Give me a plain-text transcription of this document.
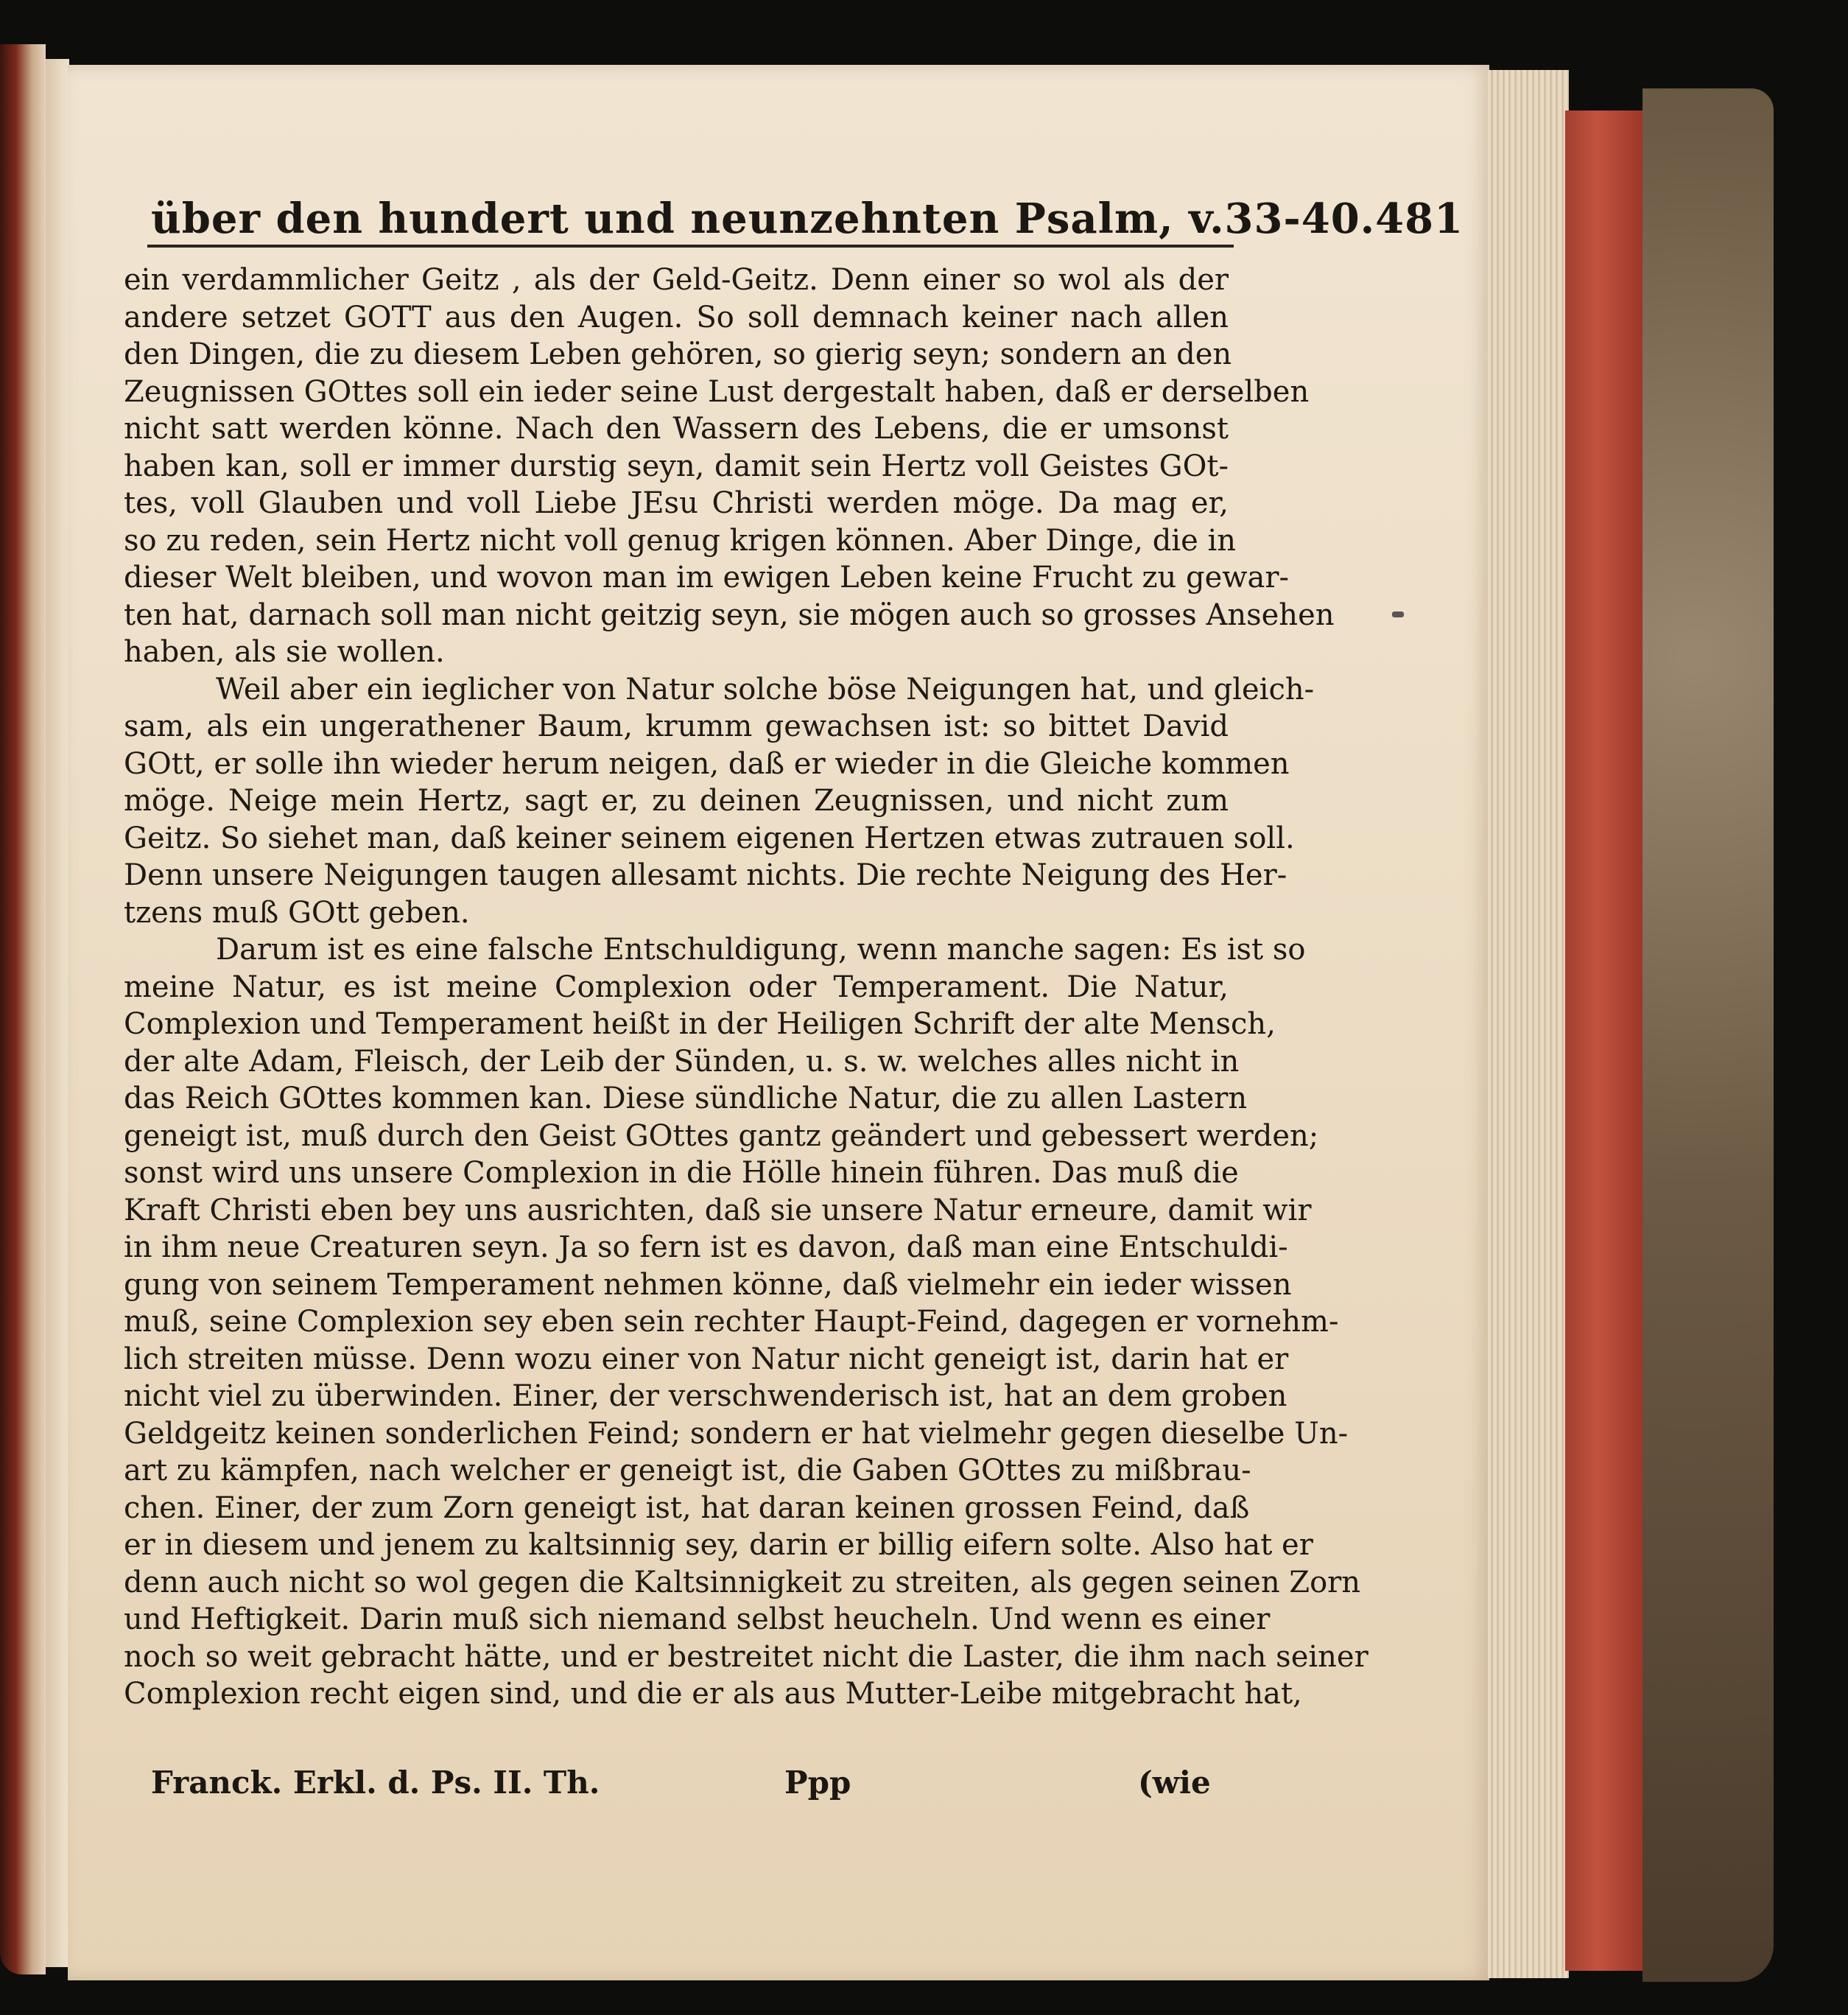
über den hundert und neunzehnten Psalm, v.33-40. 481
ein verdammlicher Geitz , als der Geld-Geitz. Denn einer so wol als der
andere setzet GOTT aus den Augen. So soll demnach keiner nach allen
den Dingen, die zu diesem Leben gehören, so gierig seyn; sondern an den
Zeugnissen GOttes soll ein ieder seine Lust dergestalt haben, daß er derselben
nicht satt werden könne. Nach den Wassern des Lebens, die er umsonst
haben kan, soll er immer durstig seyn, damit sein Hertz voll Geistes GOt-
tes, voll Glauben und voll Liebe JEsu Christi werden möge. Da mag er,
so zu reden, sein Hertz nicht voll genug krigen können. Aber Dinge, die in
dieser Welt bleiben, und wovon man im ewigen Leben keine Frucht zu gewar-
ten hat, darnach soll man nicht geitzig seyn, sie mögen auch so grosses Ansehen
haben, als sie wollen.
Weil aber ein ieglicher von Natur solche böse Neigungen hat, und gleich-
sam, als ein ungerathener Baum, krumm gewachsen ist: so bittet David
GOtt, er solle ihn wieder herum neigen, daß er wieder in die Gleiche kommen
möge. Neige mein Hertz, sagt er, zu deinen Zeugnissen, und nicht zum
Geitz. So siehet man, daß keiner seinem eigenen Hertzen etwas zutrauen soll.
Denn unsere Neigungen taugen allesamt nichts. Die rechte Neigung des Her-
tzens muß GOtt geben.
Darum ist es eine falsche Entschuldigung, wenn manche sagen: Es ist so
meine Natur, es ist meine Complexion oder Temperament. Die Natur,
Complexion und Temperament heißt in der Heiligen Schrift der alte Mensch,
der alte Adam, Fleisch, der Leib der Sünden, u. s. w. welches alles nicht in
das Reich GOttes kommen kan. Diese sündliche Natur, die zu allen Lastern
geneigt ist, muß durch den Geist GOttes gantz geändert und gebessert werden;
sonst wird uns unsere Complexion in die Hölle hinein führen. Das muß die
Kraft Christi eben bey uns ausrichten, daß sie unsere Natur erneure, damit wir
in ihm neue Creaturen seyn. Ja so fern ist es davon, daß man eine Entschuldi-
gung von seinem Temperament nehmen könne, daß vielmehr ein ieder wissen
muß, seine Complexion sey eben sein rechter Haupt-Feind, dagegen er vornehm-
lich streiten müsse. Denn wozu einer von Natur nicht geneigt ist, darin hat er
nicht viel zu überwinden. Einer, der verschwenderisch ist, hat an dem groben
Geldgeitz keinen sonderlichen Feind; sondern er hat vielmehr gegen dieselbe Un-
art zu kämpfen, nach welcher er geneigt ist, die Gaben GOttes zu mißbrau-
chen. Einer, der zum Zorn geneigt ist, hat daran keinen grossen Feind, daß
er in diesem und jenem zu kaltsinnig sey, darin er billig eifern solte. Also hat er
denn auch nicht so wol gegen die Kaltsinnigkeit zu streiten, als gegen seinen Zorn
und Heftigkeit. Darin muß sich niemand selbst heucheln. Und wenn es einer
noch so weit gebracht hätte, und er bestreitet nicht die Laster, die ihm nach seiner
Complexion recht eigen sind, und die er als aus Mutter-Leibe mitgebracht hat,
Franck. Erkl. d. Ps. II. Th.	Ppp	(wie
